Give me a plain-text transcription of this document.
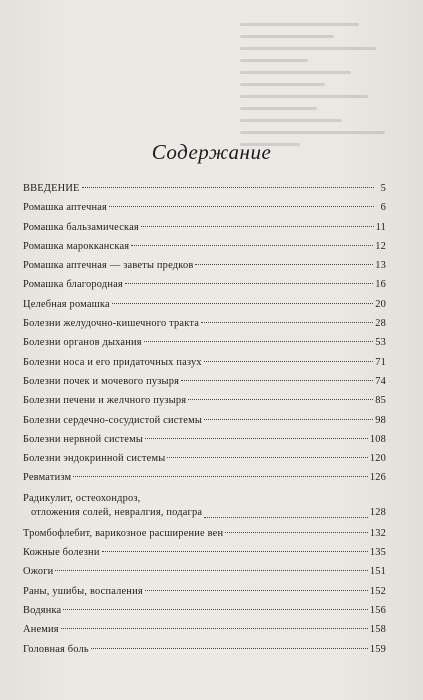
Содержание
ВВЕДЕНИЕ	5
Ромашка аптечная	6
Ромашка бальзамическая	11
Ромашка марокканская	12
Ромашка аптечная — заветы предков	13
Ромашка благородная	16
Целебная ромашка	20
Болезни желудочно-кишечного тракта	28
Болезни органов дыхания	53
Болезни носа и его придаточных пазух	71
Болезни почек и мочевого пузыря	74
Болезни печени и желчного пузыря	85
Болезни сердечно-сосудистой системы	98
Болезни нервной системы	108
Болезни эндокринной системы	120
Ревматизм	126
Радикулит, остеохондроз,
отложения солей, невралгия, подагра	128
Тромбофлебит, варикозное расширение вен	132
Кожные болезни	135
Ожоги	151
Раны, ушибы, воспаления	152
Водянка	156
Анемия	158
Головная боль	159
